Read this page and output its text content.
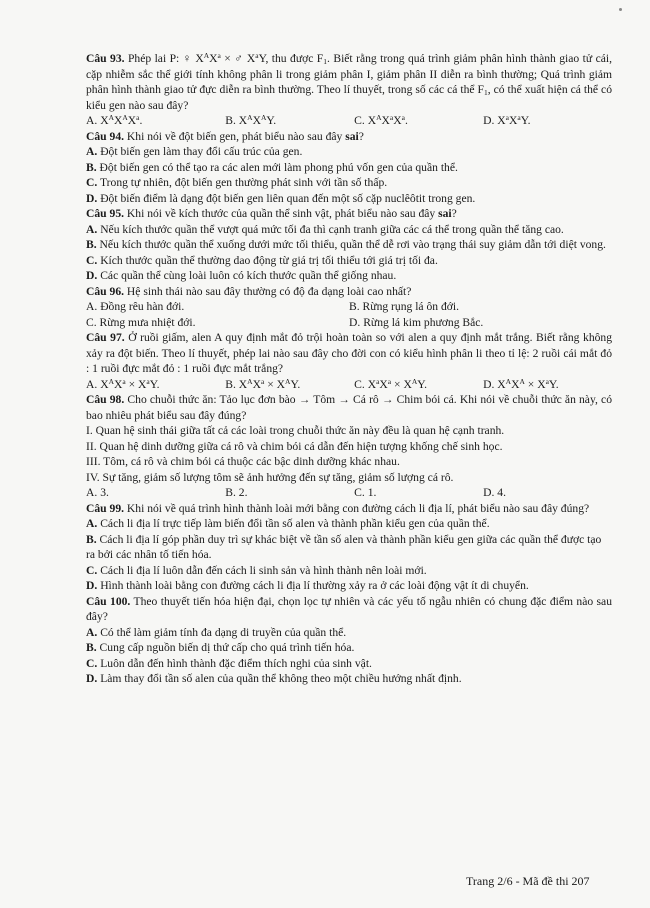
Câu 93. Phép lai P: ♀ $X^AX^a$ × ♂ $X^aY$, thu được $F_1$. Biết rằng trong quá trình giảm phân hình thành giao tử cái, cặp nhiễm sắc thể giới tính không phân li trong giảm phân I, giảm phân II diễn ra bình thường; Quá trình giảm phân hình thành giao tử đực diễn ra bình thường. Theo lí thuyết, trong số các cá thể $F_1$, có thể xuất hiện cá thể có kiểu gen nào sau đây?
A. $X^AX^AX^a$.	B. $X^AX^AY$.	C. $X^AX^aX^a$.	D. $X^aX^aY$.
Câu 94. Khi nói về đột biến gen, phát biểu nào sau đây sai?
A. Đột biến gen làm thay đổi cấu trúc của gen.
B. Đột biến gen có thể tạo ra các alen mới làm phong phú vốn gen của quần thể.
C. Trong tự nhiên, đột biến gen thường phát sinh với tần số thấp.
D. Đột biến điểm là dạng đột biến gen liên quan đến một số cặp nuclêôtit trong gen.
Câu 95. Khi nói về kích thước của quần thể sinh vật, phát biểu nào sau đây sai?
A. Nếu kích thước quần thể vượt quá mức tối đa thì cạnh tranh giữa các cá thể trong quần thể tăng cao.
B. Nếu kích thước quần thể xuống dưới mức tối thiểu, quần thể dễ rơi vào trạng thái suy giảm dẫn tới diệt vong.
C. Kích thước quần thể thường dao động từ giá trị tối thiểu tới giá trị tối đa.
D. Các quần thể cùng loài luôn có kích thước quần thể giống nhau.
Câu 96. Hệ sinh thái nào sau đây thường có độ đa dạng loài cao nhất?
A. Đồng rêu hàn đới.	B. Rừng rụng lá ôn đới.
C. Rừng mưa nhiệt đới.	D. Rừng lá kim phương Bắc.
Câu 97. Ở ruồi giấm, alen A quy định mắt đỏ trội hoàn toàn so với alen a quy định mắt trắng. Biết rằng không xảy ra đột biến. Theo lí thuyết, phép lai nào sau đây cho đời con có kiểu hình phân li theo tỉ lệ: 2 ruồi cái mắt đỏ : 1 ruồi đực mắt đỏ : 1 ruồi đực mắt trắng?
A. $X^AX^a \times X^aY$.	B. $X^AX^a \times X^AY$.	C. $X^aX^a \times X^AY$.	D. $X^AX^A \times X^aY$.
Câu 98. Cho chuỗi thức ăn: Tảo lục đơn bào → Tôm → Cá rô → Chim bói cá. Khi nói về chuỗi thức ăn này, có bao nhiêu phát biểu sau đây đúng?
I. Quan hệ sinh thái giữa tất cả các loài trong chuỗi thức ăn này đều là quan hệ cạnh tranh.
II. Quan hệ dinh dưỡng giữa cá rô và chim bói cá dẫn đến hiện tượng khống chế sinh học.
III. Tôm, cá rô và chim bói cá thuộc các bậc dinh dưỡng khác nhau.
IV. Sự tăng, giảm số lượng tôm sẽ ảnh hưởng đến sự tăng, giảm số lượng cá rô.
A. 3.	B. 2.	C. 1.	D. 4.
Câu 99. Khi nói về quá trình hình thành loài mới bằng con đường cách li địa lí, phát biểu nào sau đây đúng?
A. Cách li địa lí trực tiếp làm biến đổi tần số alen và thành phần kiểu gen của quần thể.
B. Cách li địa lí góp phần duy trì sự khác biệt về tần số alen và thành phần kiểu gen giữa các quần thể được tạo ra bởi các nhân tố tiến hóa.
C. Cách li địa lí luôn dẫn đến cách li sinh sản và hình thành nên loài mới.
D. Hình thành loài bằng con đường cách li địa lí thường xảy ra ở các loài động vật ít di chuyển.
Câu 100. Theo thuyết tiến hóa hiện đại, chọn lọc tự nhiên và các yếu tố ngẫu nhiên có chung đặc điểm nào sau đây?
A. Có thể làm giảm tính đa dạng di truyền của quần thể.
B. Cung cấp nguồn biến dị thứ cấp cho quá trình tiến hóa.
C. Luôn dẫn đến hình thành đặc điểm thích nghi của sinh vật.
D. Làm thay đổi tần số alen của quần thể không theo một chiều hướng nhất định.
Trang 2/6 - Mã đề thi 207
